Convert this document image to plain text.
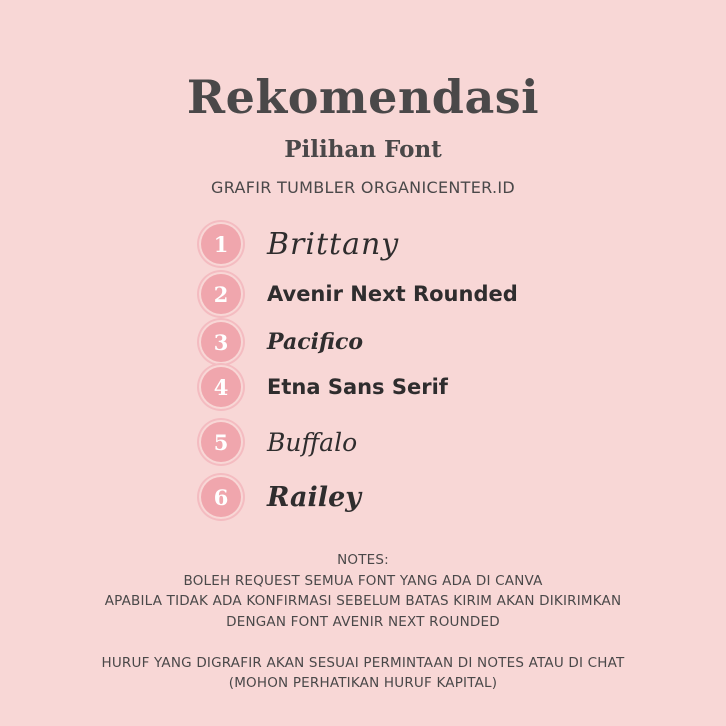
Rekomendasi
Pilihan Font
GRAFIR TUMBLER ORGANICENTER.ID
1	Brittany
2	Avenir Next Rounded
3	Pacifico
4	Etna Sans Serif
5	Buffalo
6	Railey
NOTES:
BOLEH REQUEST SEMUA FONT YANG ADA DI CANVA
APABILA TIDAK ADA KONFIRMASI SEBELUM BATAS KIRIM AKAN DIKIRIMKAN
DENGAN FONT AVENIR NEXT ROUNDED
HURUF YANG DIGRAFIR AKAN SESUAI PERMINTAAN DI NOTES ATAU DI CHAT
(MOHON PERHATIKAN HURUF KAPITAL)
